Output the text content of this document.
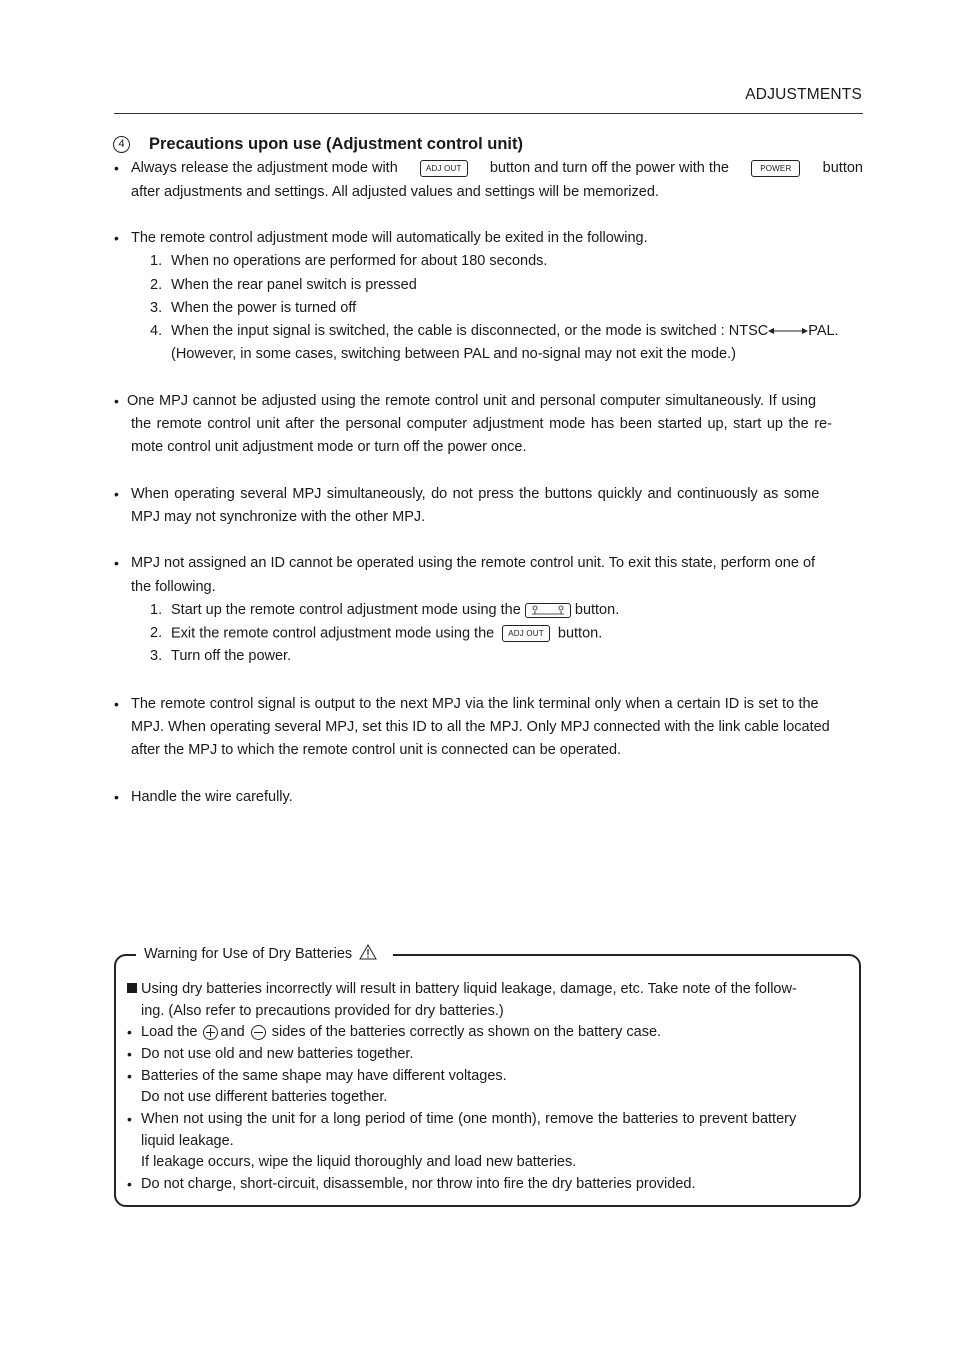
ADJUSTMENTS
4	Precautions upon use (Adjustment control unit)
• Always release the adjustment mode with	ADJ OUT	button and turn off the power with the	POWER	button
after adjustments and settings. All adjusted values and settings will be memorized.
• The remote control adjustment mode will automatically be exited in the following.
1. When no operations are performed for about 180 seconds.
2. When the rear panel switch is pressed
3. When the power is turned off
4. When the input signal is switched, the cable is disconnected, or the mode is switched : NTSC	PAL.
(However, in some cases, switching between PAL and no-signal may not exit the mode.)
• One MPJ cannot be adjusted using the remote control unit and personal computer simultaneously. If using
the remote control unit after the personal computer adjustment mode has been started up, start up the re-
mote control unit adjustment mode or turn off the power once.
• When operating several MPJ simultaneously, do not press the buttons quickly and continuously as some
MPJ may not synchronize with the other MPJ.
• MPJ not assigned an ID cannot be operated using the remote control unit. To exit this state, perform one of
the following.
1. Start up the remote control adjustment mode using the	button.
2. Exit the remote control adjustment mode using the ADJ OUT button.
3. Turn off the power.
• The remote control signal is output to the next MPJ via the link terminal only when a certain ID is set to the
MPJ. When operating several MPJ, set this ID to all the MPJ. Only MPJ connected with the link cable located
after the MPJ to which the remote control unit is connected can be operated.
• Handle the wire carefully.
Warning for Use of Dry Batteries
Using dry batteries incorrectly will result in battery liquid leakage, damage, etc. Take note of the follow-
ing. (Also refer to precautions provided for dry batteries.)
• Load the and sides of the batteries correctly as shown on the battery case.
• Do not use old and new batteries together.
• Batteries of the same shape may have different voltages.
Do not use different batteries together.
• When not using the unit for a long period of time (one month), remove the batteries to prevent battery
liquid leakage.
If leakage occurs, wipe the liquid thoroughly and load new batteries.
• Do not charge, short-circuit, disassemble, nor throw into fire the dry batteries provided.
